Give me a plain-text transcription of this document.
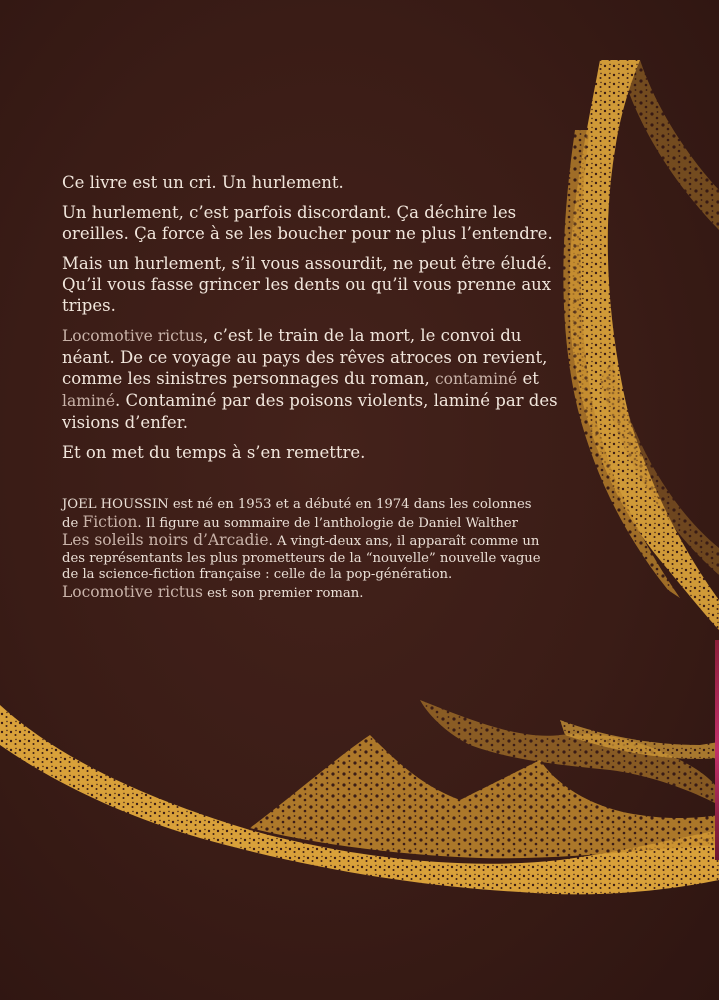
Ce livre est un cri. Un hurlement.

Un hurlement, c’est parfois discordant. Ça déchire les oreilles. Ça force à se les boucher pour ne plus l’entendre.

Mais un hurlement, s’il vous assourdit, ne peut être éludé. Qu’il vous fasse grincer les dents ou qu’il vous prenne aux tripes.

Locomotive rictus, c’est le train de la mort, le convoi du néant. De ce voyage au pays des rêves atroces on revient, comme les sinistres personnages du roman, contaminé et laminé. Contaminé par des poisons violents, laminé par des visions d’enfer.

Et on met du temps à s’en remettre.

JOEL HOUSSIN est né en 1953 et a débuté en 1974 dans les colonnes de Fiction. Il figure au sommaire de l’anthologie de Daniel Walther Les soleils noirs d’Arcadie. A vingt-deux ans, il apparaît comme un des représentants les plus prometteurs de la “nouvelle” nouvelle vague de la science-fiction française : celle de la pop-génération. Locomotive rictus est son premier roman.
